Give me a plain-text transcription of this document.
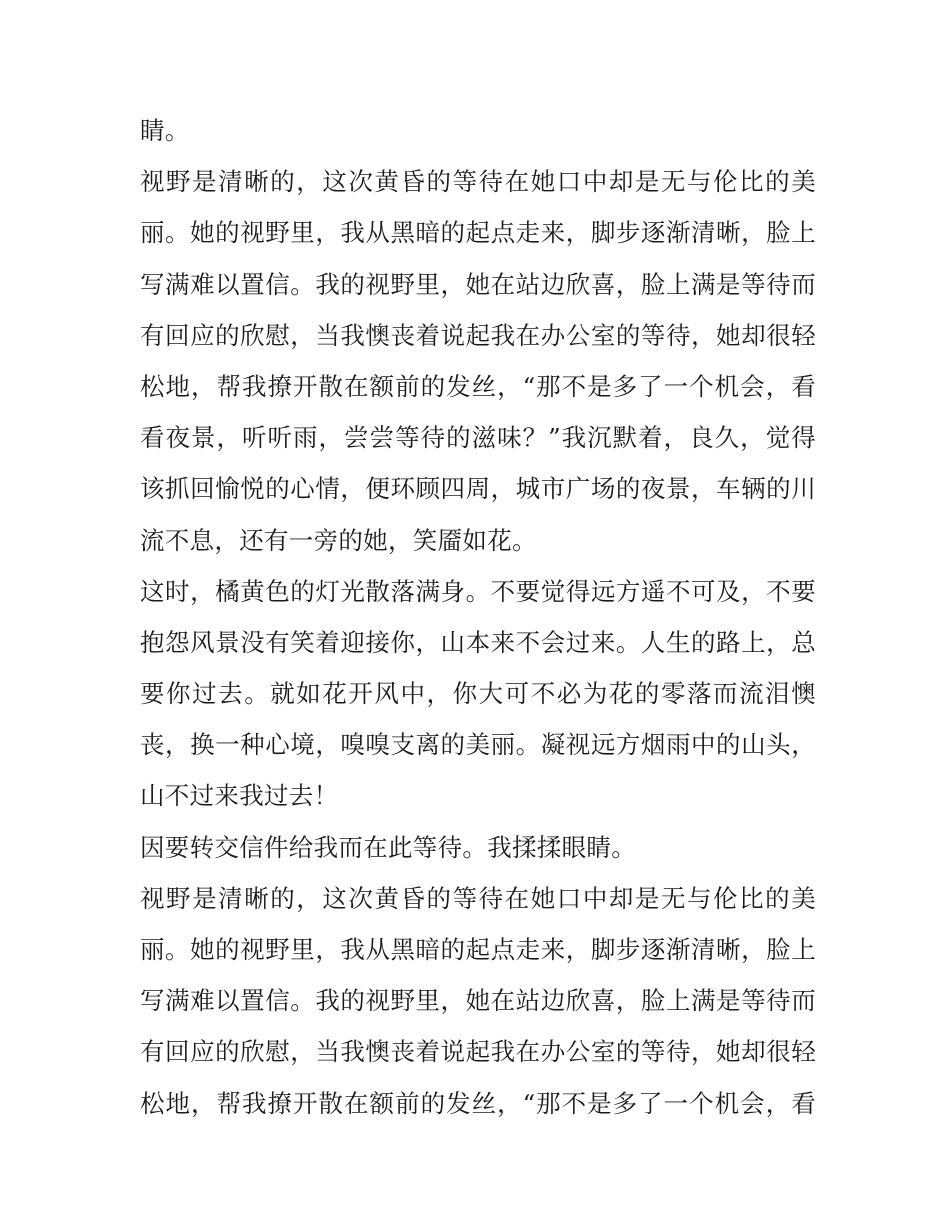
睛。
视野是清晰的，这次黄昏的等待在她口中却是无与伦比的美
丽。她的视野里，我从黑暗的起点走来，脚步逐渐清晰，脸上
写满难以置信。我的视野里，她在站边欣喜，脸上满是等待而
有回应的欣慰，当我懊丧着说起我在办公室的等待，她却很轻
松地，帮我撩开散在额前的发丝，“那不是多了一个机会，看
看夜景，听听雨，尝尝等待的滋味？”我沉默着，良久，觉得
该抓回愉悦的心情，便环顾四周，城市广场的夜景，车辆的川
流不息，还有一旁的她，笑靥如花。
这时，橘黄色的灯光散落满身。不要觉得远方遥不可及，不要
抱怨风景没有笑着迎接你，山本来不会过来。人生的路上，总
要你过去。就如花开风中，你大可不必为花的零落而流泪懊
丧，换一种心境，嗅嗅支离的美丽。凝视远方烟雨中的山头，
山不过来我过去！
因要转交信件给我而在此等待。我揉揉眼睛。
视野是清晰的，这次黄昏的等待在她口中却是无与伦比的美
丽。她的视野里，我从黑暗的起点走来，脚步逐渐清晰，脸上
写满难以置信。我的视野里，她在站边欣喜，脸上满是等待而
有回应的欣慰，当我懊丧着说起我在办公室的等待，她却很轻
松地，帮我撩开散在额前的发丝，“那不是多了一个机会，看
